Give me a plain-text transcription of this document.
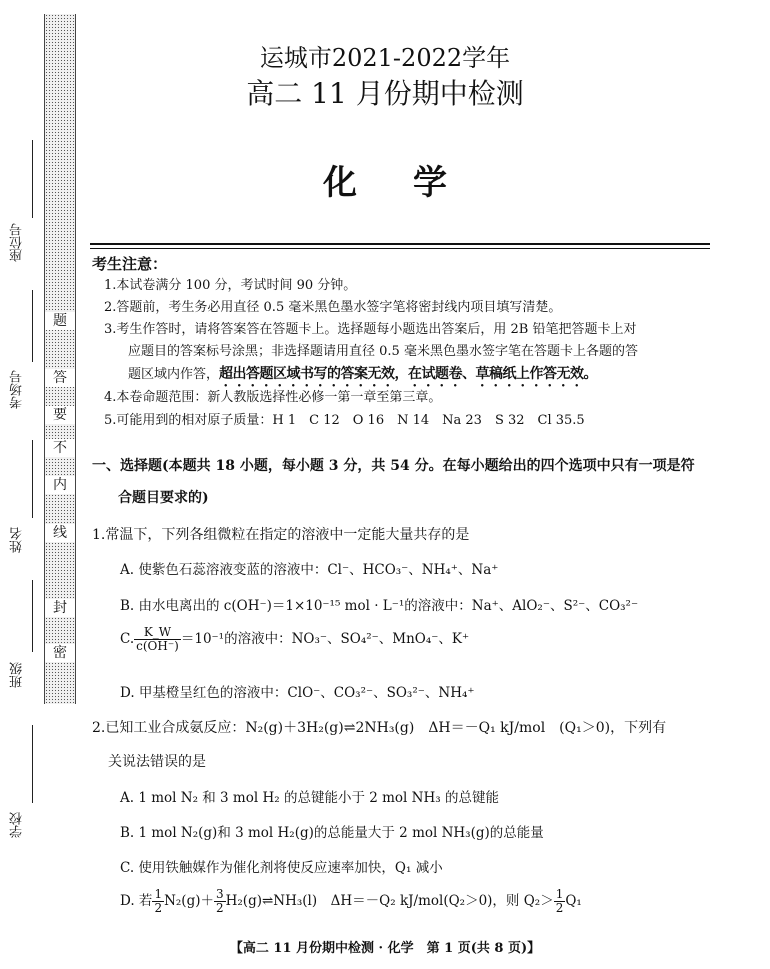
题
答
要
不
内
线
封
密
座位号
考场号
姓名
班级
学校
运城市2021-2022学年
高二 11 月份期中检测
化学
考生注意：
1.本试卷满分 100 分，考试时间 90 分钟。
2.答题前，考生务必用直径 0.5 毫米黑色墨水签字笔将密封线内项目填写清楚。
3.考生作答时，请将答案答在答题卡上。选择题每小题选出答案后，用 2B 铅笔把答题卡上对
应题目的答案标号涂黑；非选择题请用直径 0.5 毫米黑色墨水签字笔在答题卡上各题的答
题区域内作答，超出答题区域书写的答案无效，在试题卷、草稿纸上作答无效。
4.本卷命题范围：新人教版选择性必修一第一章至第三章。
5.可能用到的相对原子质量：H 1　C 12　O 16　N 14　Na 23　S 32　Cl 35.5
一、选择题(本题共 18 小题，每小题 3 分，共 54 分。在每小题给出的四个选项中只有一项是符
合题目要求的)
1.常温下，下列各组微粒在指定的溶液中一定能大量共存的是
A. 使紫色石蕊溶液变蓝的溶液中：Cl⁻、HCO₃⁻、NH₄⁺、Na⁺
B. 由水电离出的 c(OH⁻)＝1×10⁻¹⁵ mol · L⁻¹的溶液中：Na⁺、AlO₂⁻、S²⁻、CO₃²⁻
C. $\frac{K\_W}{c(OH^-)} =10^{-1}$的溶液中：NO₃⁻、SO₄²⁻、MnO₄⁻、K⁺
D. 甲基橙呈红色的溶液中：ClO⁻、CO₃²⁻、SO₃²⁻、NH₄⁺
2.已知工业合成氨反应：N₂(g)＋3H₂(g)⇌2NH₃(g)　ΔH＝－Q₁ kJ/mol　(Q₁＞0)，下列有
关说法错误的是
A. 1 mol N₂ 和 3 mol H₂ 的总键能小于 2 mol NH₃ 的总键能
B. 1 mol N₂(g)和 3 mol H₂(g)的总能量大于 2 mol NH₃(g)的总能量
C. 使用铁触媒作为催化剂将使反应速率加快，Q₁ 减小
D. 若 $\frac{1}{2} N_2(g)+ \frac{3}{2}$ H₂(g)⇌NH₃(l)　ΔH＝－Q₂ kJ/mol(Q₂＞0)，则 $Q_2> \frac{1}{2} Q_1$
【高二 11 月份期中检测 · 化学　第 1 页(共 8 页)】
